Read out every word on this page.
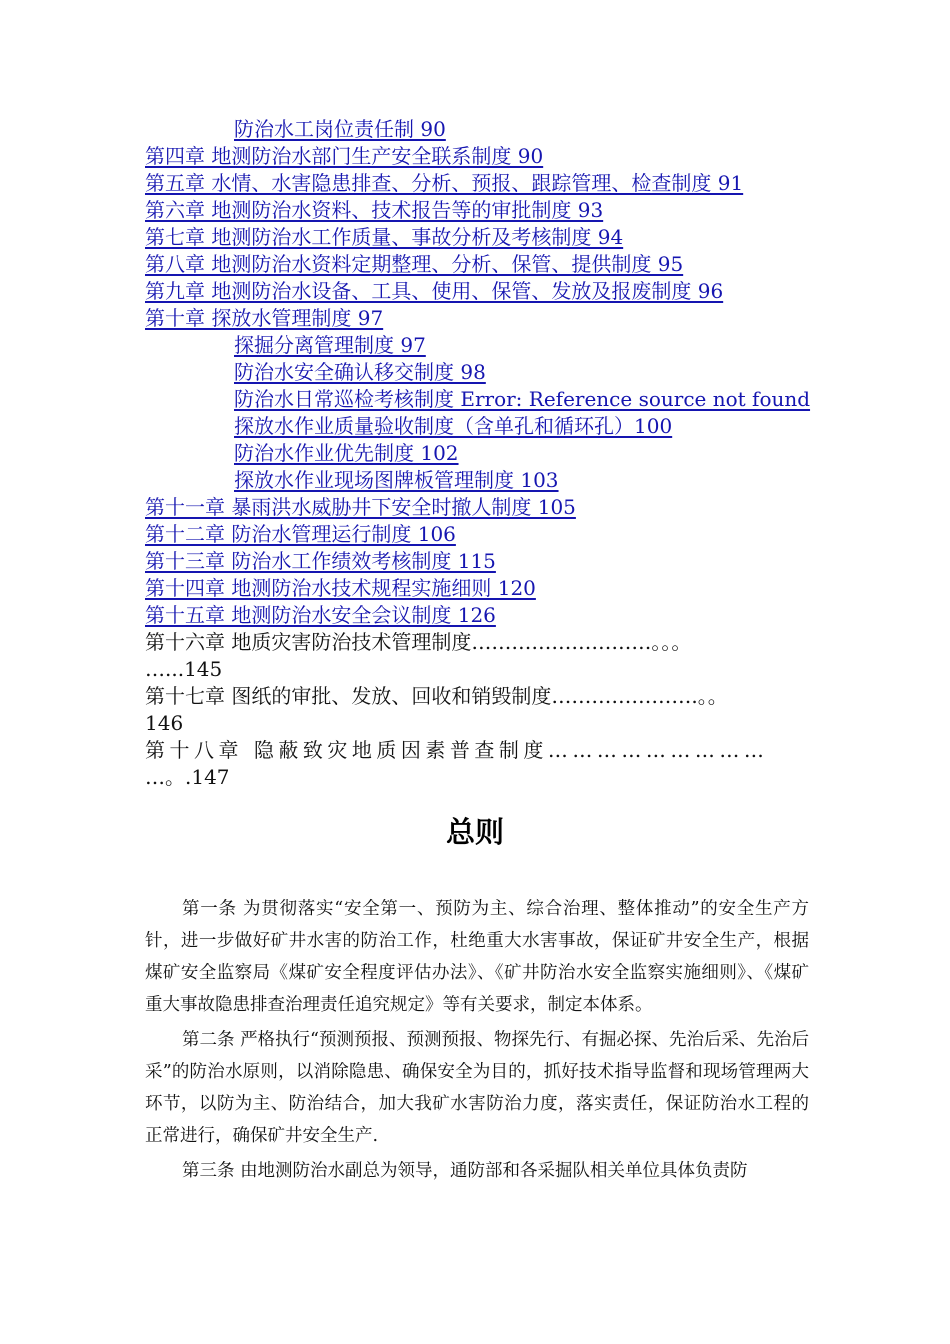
防治水工岗位责任制 90
第四章 地测防治水部门生产安全联系制度 90
第五章 水情、水害隐患排查、分析、预报、跟踪管理、检查制度 91
第六章 地测防治水资料、技术报告等的审批制度 93
第七章 地测防治水工作质量、事故分析及考核制度 94
第八章 地测防治水资料定期整理、分析、保管、提供制度 95
第九章 地测防治水设备、工具、使用、保管、发放及报废制度 96
第十章 探放水管理制度 97
探掘分离管理制度 97
防治水安全确认移交制度 98
防治水日常巡检考核制度 Error: Reference source not found
探放水作业质量验收制度（含单孔和循环孔）100
防治水作业优先制度 102
探放水作业现场图牌板管理制度 103
第十一章 暴雨洪水威胁井下安全时撤人制度 105
第十二章 防治水管理运行制度 106
第十三章 防治水工作绩效考核制度 115
第十四章 地测防治水技术规程实施细则 120
第十五章 地测防治水安全会议制度 126
第十六章 地质灾害防治技术管理制度………………………。。。
…...145
第十七章 图纸的审批、发放、回收和销毁制度………………….。。
146
第十八章 隐蔽致灾地质因素普查制度………………………
…。.147
总则

第一条 为贯彻落实“安全第一、预防为主、综合治理、整体推动”的安全生产方针，进一步做好矿井水害的防治工作，杜绝重大水害事故，保证矿井安全生产，根据煤矿安全监察局《煤矿安全程度评估办法》、《矿井防治水安全监察实施细则》、《煤矿重大事故隐患排查治理责任追究规定》等有关要求，制定本体系。

第二条 严格执行“预测预报、预测预报、物探先行、有掘必探、先治后采、先治后采”的防治水原则，以消除隐患、确保安全为目的，抓好技术指导监督和现场管理两大环节，以防为主、防治结合，加大我矿水害防治力度，落实责任，保证防治水工程的正常进行，确保矿井安全生产.

第三条 由地测防治水副总为领导，通防部和各采掘队相关单位具体负责防
